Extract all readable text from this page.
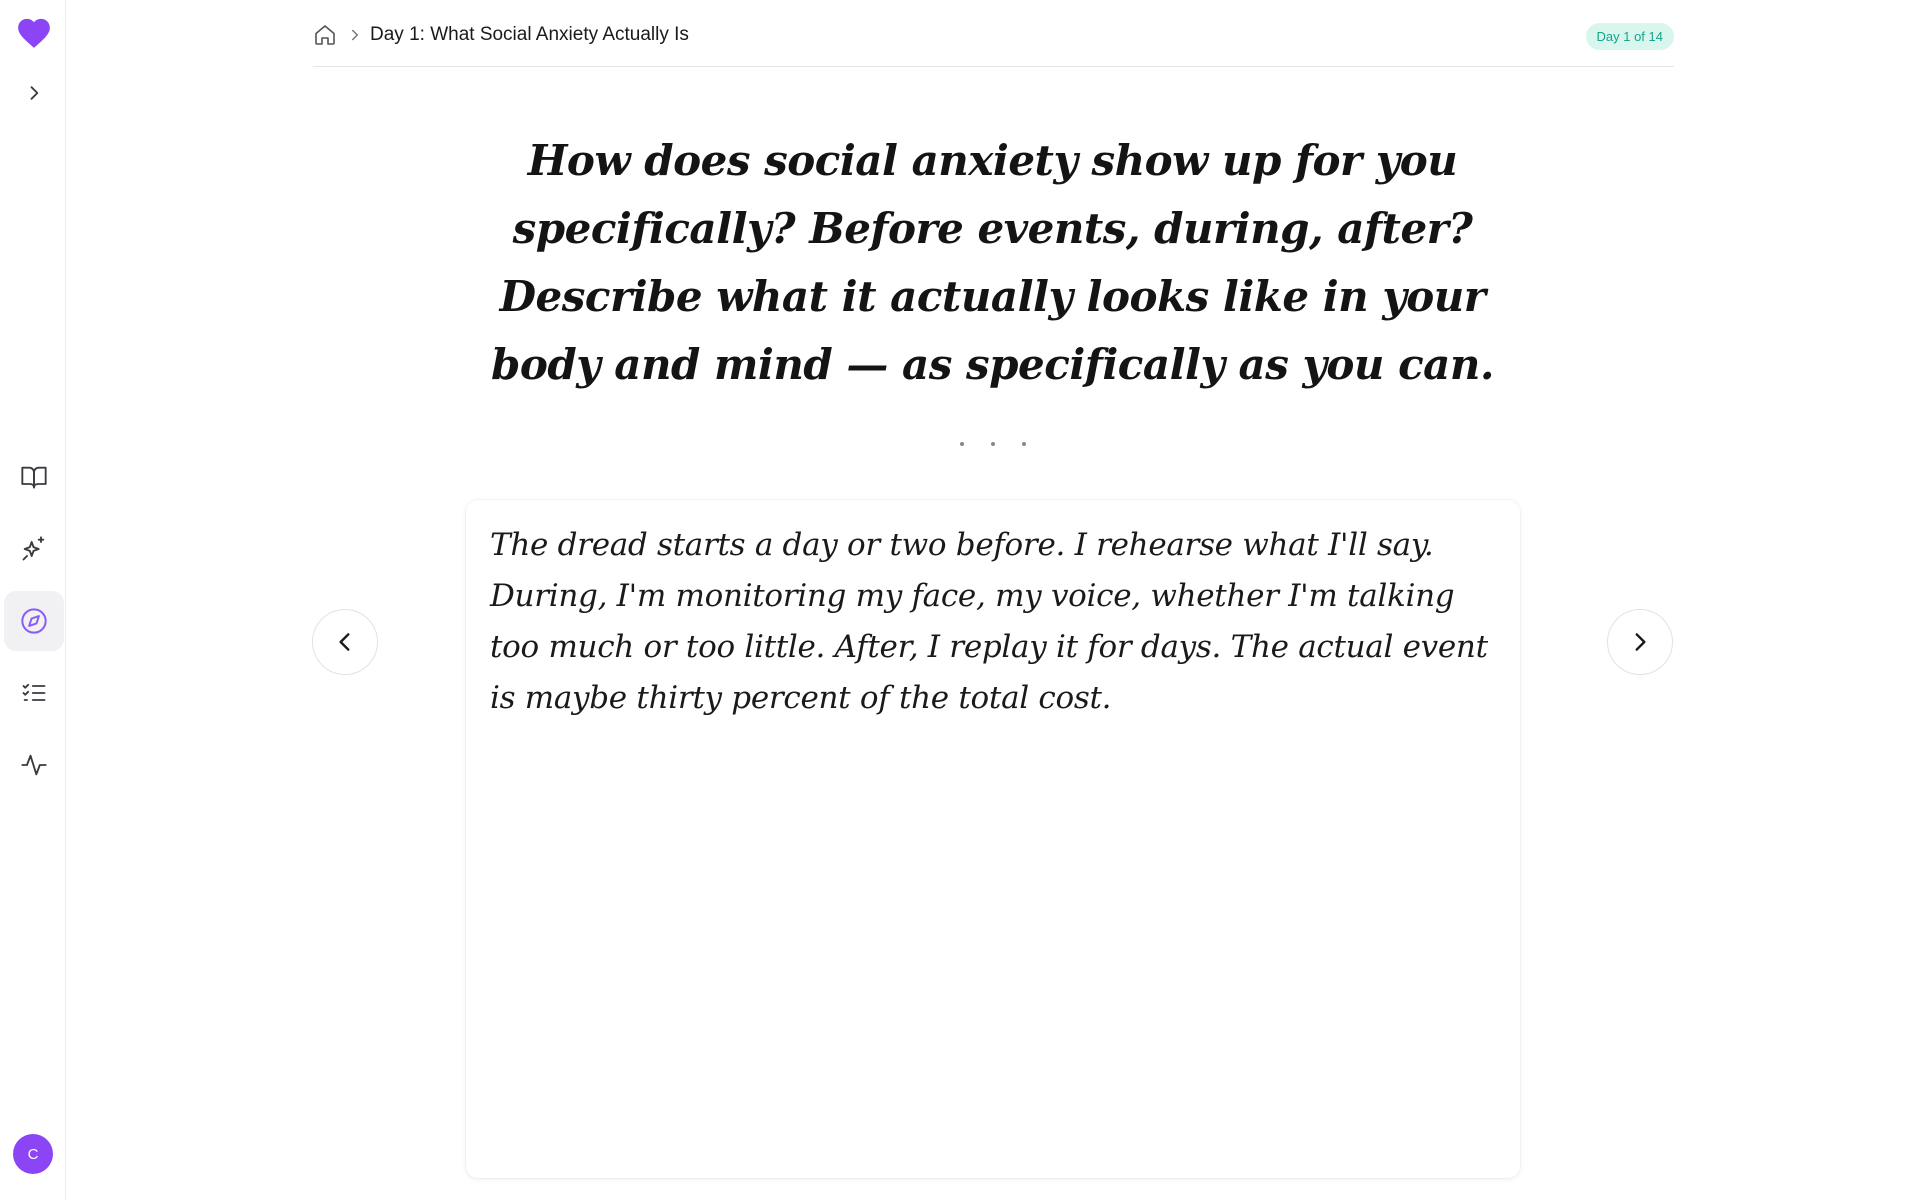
C
Day 1: What Social Anxiety Actually Is	Day 1 of 14
How does social anxiety show up for you specifically? Before events, during, after? Describe what it actually looks like in your body and mind — as specifically as you can.

The dread starts a day or two before. I rehearse what I'll say. During, I'm monitoring my face, my voice, whether I'm talking too much or too little. After, I replay it for days. The actual event is maybe thirty percent of the total cost.
